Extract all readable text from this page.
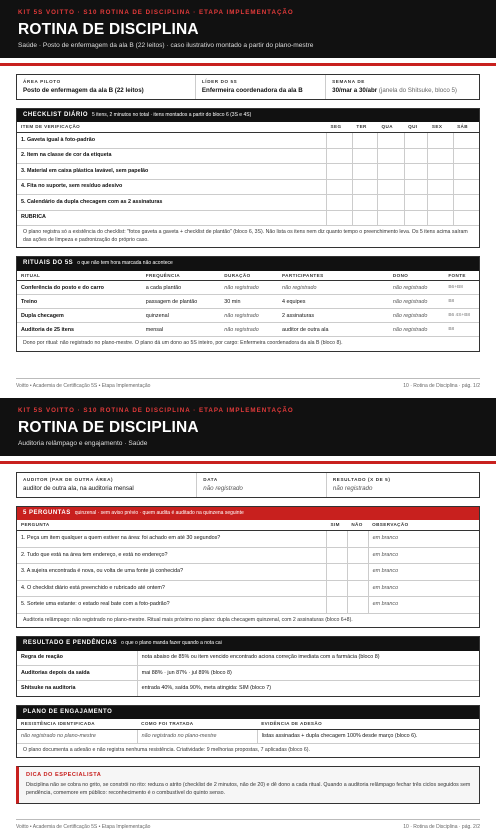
KIT 5S VOITTO · S10 ROTINA DE DISCIPLINA · ETAPA IMPLEMENTAÇÃO
ROTINA DE DISCIPLINA
Saúde · Posto de enfermagem da ala B (22 leitos) · caso ilustrativo montado a partir do plano-mestre
ÁREA PILOTO
Posto de enfermagem da ala B (22 leitos)
LÍDER DO 5S
Enfermeira coordenadora da ala B
SEMANA DE
30/mar a 30/abr (janela do Shitsuke, bloco 5)
CHECKLIST DIÁRIO 5 itens, 2 minutos no total · itens montados a partir do bloco 6 (3S e 4S)
ITEM DE VERIFICAÇÃO	SEG	TER	QUA	QUI	SEX	SÁB
1. Gaveta igual à foto-padrão						
2. Item na classe de cor da etiqueta						
3. Material em caixa plástica lavável, sem papelão						
4. Fita no suporte, sem resíduo adesivo						
5. Calendário da dupla checagem com as 2 assinaturas						
RUBRICA						
O plano registra só a existência do checklist: "fotos gaveta a gaveta + checklist de plantão" (bloco 6, 3S). Não lista os itens nem diz quanto tempo o preenchimento leva. Os 5 itens acima saíram das ações de limpeza e padronização do próprio caso.
RITUAIS DO 5S o que não tem hora marcada não acontece
RITUAL	FREQUÊNCIA	DURAÇÃO	PARTICIPANTES	DONO	FONTE
Conferência do posto e do carro	a cada plantão	não registrado	não registrado	não registrado	B6+B8
Treino	passagem de plantão	30 min	4 equipes	não registrado	B8
Dupla checagem	quinzenal	não registrado	2 assinaturas	não registrado	B6 4S+B8
Auditoria de 25 itens	mensal	não registrado	auditor de outra ala	não registrado	B8
Dono por ritual: não registrado no plano-mestre. O plano dá um dono ao 5S inteiro, por cargo: Enfermeira coordenadora da ala B (bloco 8).
Voitto • Academia de Certificação 5S • Etapa Implementação	10 · Rotina de Disciplina · pág. 1/2
KIT 5S VOITTO · S10 ROTINA DE DISCIPLINA · ETAPA IMPLEMENTAÇÃO
ROTINA DE DISCIPLINA
Auditoria relâmpago e engajamento · Saúde
AUDITOR (PAR DE OUTRA ÁREA)
auditor de outra ala, na auditoria mensal
DATA
não registrado
RESULTADO (X DE 5)
não registrado
5 PERGUNTAS quinzenal · sem aviso prévio · quem audita é auditado na quinzena seguinte
PERGUNTA	SIM	NÃO	OBSERVAÇÃO
1. Peça um item qualquer a quem estiver na área: foi achado em até 30 segundos?			em branco
2. Tudo que está na área tem endereço, e está no endereço?			em branco
3. A sujeira encontrada é nova, ou volta de uma fonte já conhecida?			em branco
4. O checklist diário está preenchido e rubricado até ontem?			em branco
5. Sorteie uma estante: o estado real bate com a foto-padrão?			em branco
Auditoria relâmpago: não registrado no plano-mestre. Ritual mais próximo no plano: dupla checagem quinzenal, com 2 assinaturas (bloco 6+8).
RESULTADO E PENDÊNCIAS o que o plano manda fazer quando a nota cai
Regra de reação	nota abaixo de 85% ou item vencido encontrado aciona correção imediata com a farmácia (bloco 8)
Auditorias depois da saída	mai 88% · jun 87% · jul 89% (bloco 8)
Shitsuke na auditoria	entrada 40%, saída 90%, meta atingida: SIM (bloco 7)
PLANO DE ENGAJAMENTO
RESISTÊNCIA IDENTIFICADA	COMO FOI TRATADA	EVIDÊNCIA DE ADESÃO
não registrado no plano-mestre	não registrado no plano-mestre	listas assinadas + dupla checagem 100% desde março (bloco 6).
O plano documenta a adesão e não registra nenhuma resistência. Criatividade: 9 melhorias propostas, 7 aplicadas (bloco 6).
DICA DO ESPECIALISTA
Disciplina não se cobra no grito, se constrói no rito: reduza o atrito (checklist de 2 minutos, não de 20) e dê dono a cada ritual. Quando a auditoria relâmpago fechar três ciclos seguidos sem pendência, comemore em público: reconhecimento é o combustível do quinto senso.
Voitto • Academia de Certificação 5S • Etapa Implementação	10 · Rotina de Disciplina · pág. 2/2
